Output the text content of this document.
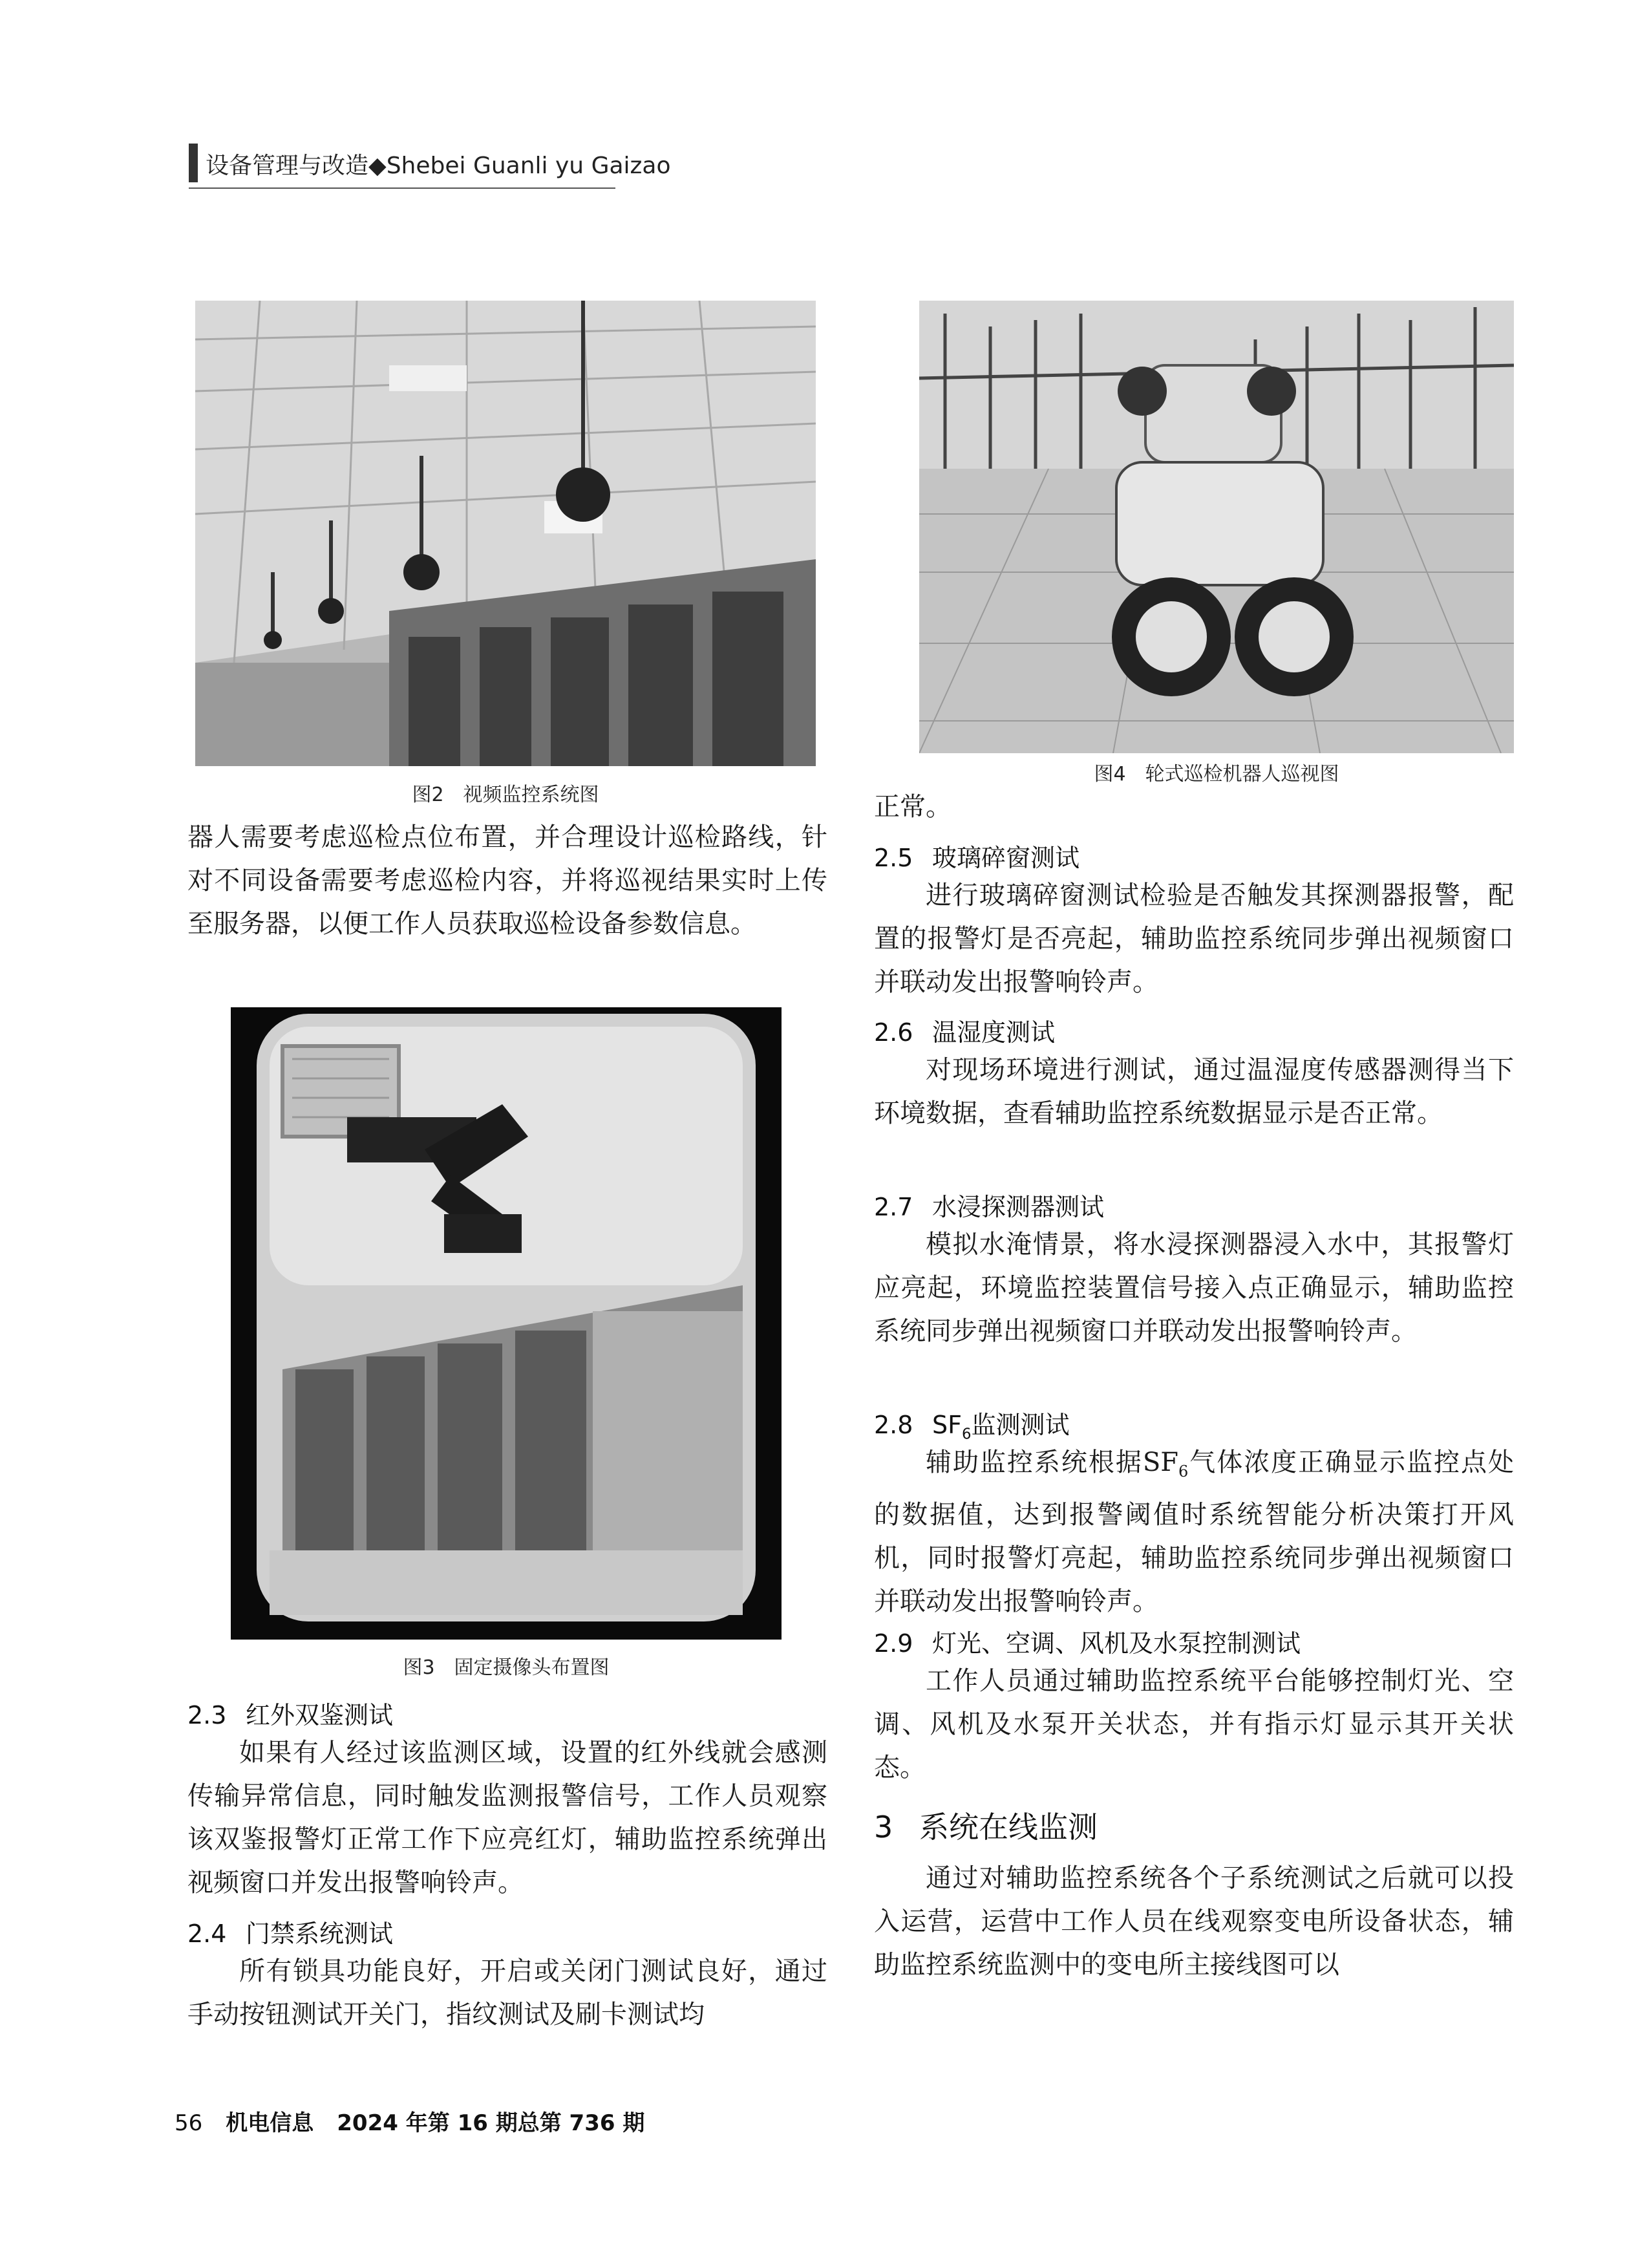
设备管理与改造◆Shebei Guanli yu Gaizao
图2　视频监控系统图
器人需要考虑巡检点位布置，并合理设计巡检路线，针对不同设备需要考虑巡检内容，并将巡视结果实时上传至服务器，以便工作人员获取巡检设备参数信息。
图3　固定摄像头布置图
2.3 红外双鉴测试
如果有人经过该监测区域，设置的红外线就会感测传输异常信息，同时触发监测报警信号，工作人员观察该双鉴报警灯正常工作下应亮红灯，辅助监控系统弹出视频窗口并发出报警响铃声。
2.4 门禁系统测试
所有锁具功能良好，开启或关闭门测试良好，通过手动按钮测试开关门，指纹测试及刷卡测试均
图4　轮式巡检机器人巡视图
正常。
2.5 玻璃碎窗测试
进行玻璃碎窗测试检验是否触发其探测器报警，配置的报警灯是否亮起，辅助监控系统同步弹出视频窗口并联动发出报警响铃声。
2.6 温湿度测试
对现场环境进行测试，通过温湿度传感器测得当下环境数据，查看辅助监控系统数据显示是否正常。
2.7 水浸探测器测试
模拟水淹情景，将水浸探测器浸入水中，其报警灯应亮起，环境监控装置信号接入点正确显示，辅助监控系统同步弹出视频窗口并联动发出报警响铃声。
2.8 $SF_6$监测测试
辅助监控系统根据$SF_6$气体浓度正确显示监控点处的数据值，达到报警阈值时系统智能分析决策打开风机，同时报警灯亮起，辅助监控系统同步弹出视频窗口并联动发出报警响铃声。
2.9 灯光、空调、风机及水泵控制测试
工作人员通过辅助监控系统平台能够控制灯光、空调、风机及水泵开关状态，并有指示灯显示其开关状态。
3 系统在线监测
通过对辅助监控系统各个子系统测试之后就可以投入运营，运营中工作人员在线观察变电所设备状态，辅助监控系统监测中的变电所主接线图可以
56 机电信息 2024 年第 16 期总第 736 期
